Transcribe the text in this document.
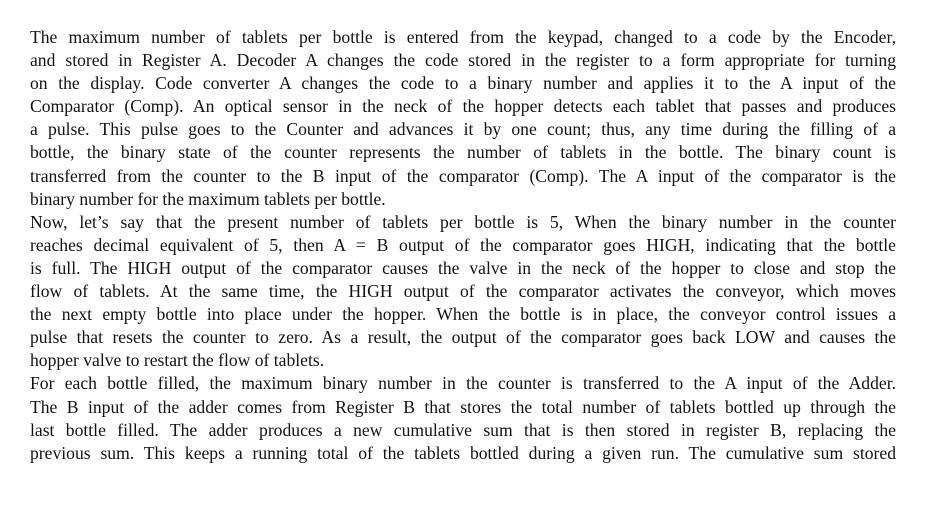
The maximum number of tablets per bottle is entered from the keypad, changed to a code by the Encoder,
and stored in Register A. Decoder A changes the code stored in the register to a form appropriate for turning
on the display. Code converter A changes the code to a binary number and applies it to the A input of the
Comparator (Comp). An optical sensor in the neck of the hopper detects each tablet that passes and produces
a pulse. This pulse goes to the Counter and advances it by one count; thus, any time during the filling of a
bottle, the binary state of the counter represents the number of tablets in the bottle. The binary count is
transferred from the counter to the B input of the comparator (Comp). The A input of the comparator is the
binary number for the maximum tablets per bottle.
Now, let’s say that the present number of tablets per bottle is 5, When the binary number in the counter
reaches decimal equivalent of 5, then A = B output of the comparator goes HIGH, indicating that the bottle
is full. The HIGH output of the comparator causes the valve in the neck of the hopper to close and stop the
flow of tablets. At the same time, the HIGH output of the comparator activates the conveyor, which moves
the next empty bottle into place under the hopper. When the bottle is in place, the conveyor control issues a
pulse that resets the counter to zero. As a result, the output of the comparator goes back LOW and causes the
hopper valve to restart the flow of tablets.
For each bottle filled, the maximum binary number in the counter is transferred to the A input of the Adder.
The B input of the adder comes from Register B that stores the total number of tablets bottled up through the
last bottle filled. The adder produces a new cumulative sum that is then stored in register B, replacing the
previous sum. This keeps a running total of the tablets bottled during a given run. The cumulative sum stored
